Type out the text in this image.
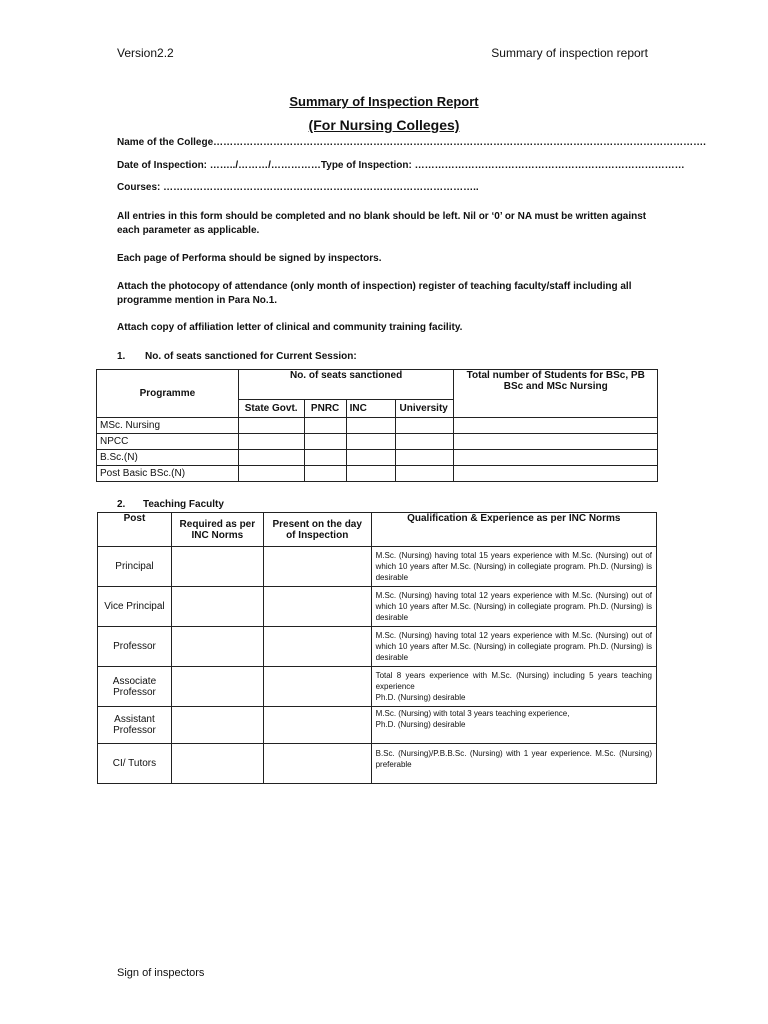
Version2.2	Summary of inspection report
Summary of Inspection Report
(For Nursing Colleges)
Name of the College………………………………………………………………………………………………………………………………….
Date of Inspection: ……../………/……………Type of Inspection: ………………………………………………………………………
Courses: …………………………………………………………………………………..
All entries in this form should be completed and no blank should be left. Nil or ‘0’ or NA must be written against each parameter as applicable.
Each page of Performa should be signed by inspectors.
Attach the photocopy of attendance (only month of inspection) register of teaching faculty/staff including all programme mention in Para No.1.
Attach copy of affiliation letter of clinical and community training facility.
1. No. of seats sanctioned for Current Session:
Programme	No. of seats sanctioned				Total number of Students for BSc, PB BSc and MSc Nursing
	State Govt.	PNRC	INC	University	
MSc. Nursing					
NPCC					
B.Sc.(N)					
Post Basic BSc.(N)					
2. Teaching Faculty
Post	Required as per INC Norms	Present on the day of Inspection	Qualification & Experience as per INC Norms
Principal			M.Sc. (Nursing) having total 15 years experience with M.Sc. (Nursing) out of which 10 years after M.Sc. (Nursing) in collegiate program. Ph.D. (Nursing) is desirable

Vice Principal			M.Sc. (Nursing) having total 12 years experience with M.Sc. (Nursing) out of which 10 years after M.Sc. (Nursing) in collegiate program. Ph.D. (Nursing) is desirable

Professor			M.Sc. (Nursing) having total 12 years experience with M.Sc. (Nursing) out of which 10 years after M.Sc. (Nursing) in collegiate program. Ph.D. (Nursing) is desirable

Associate Professor			Total 8 years experience with M.Sc. (Nursing) including 5 years teaching experience
Ph.D. (Nursing) desirable

Assistant Professor			M.Sc. (Nursing) with total 3 years teaching experience,
Ph.D. (Nursing) desirable

CI/ Tutors			B.Sc. (Nursing)/P.B.B.Sc. (Nursing) with 1 year experience. M.Sc. (Nursing) preferable
Sign of inspectors
